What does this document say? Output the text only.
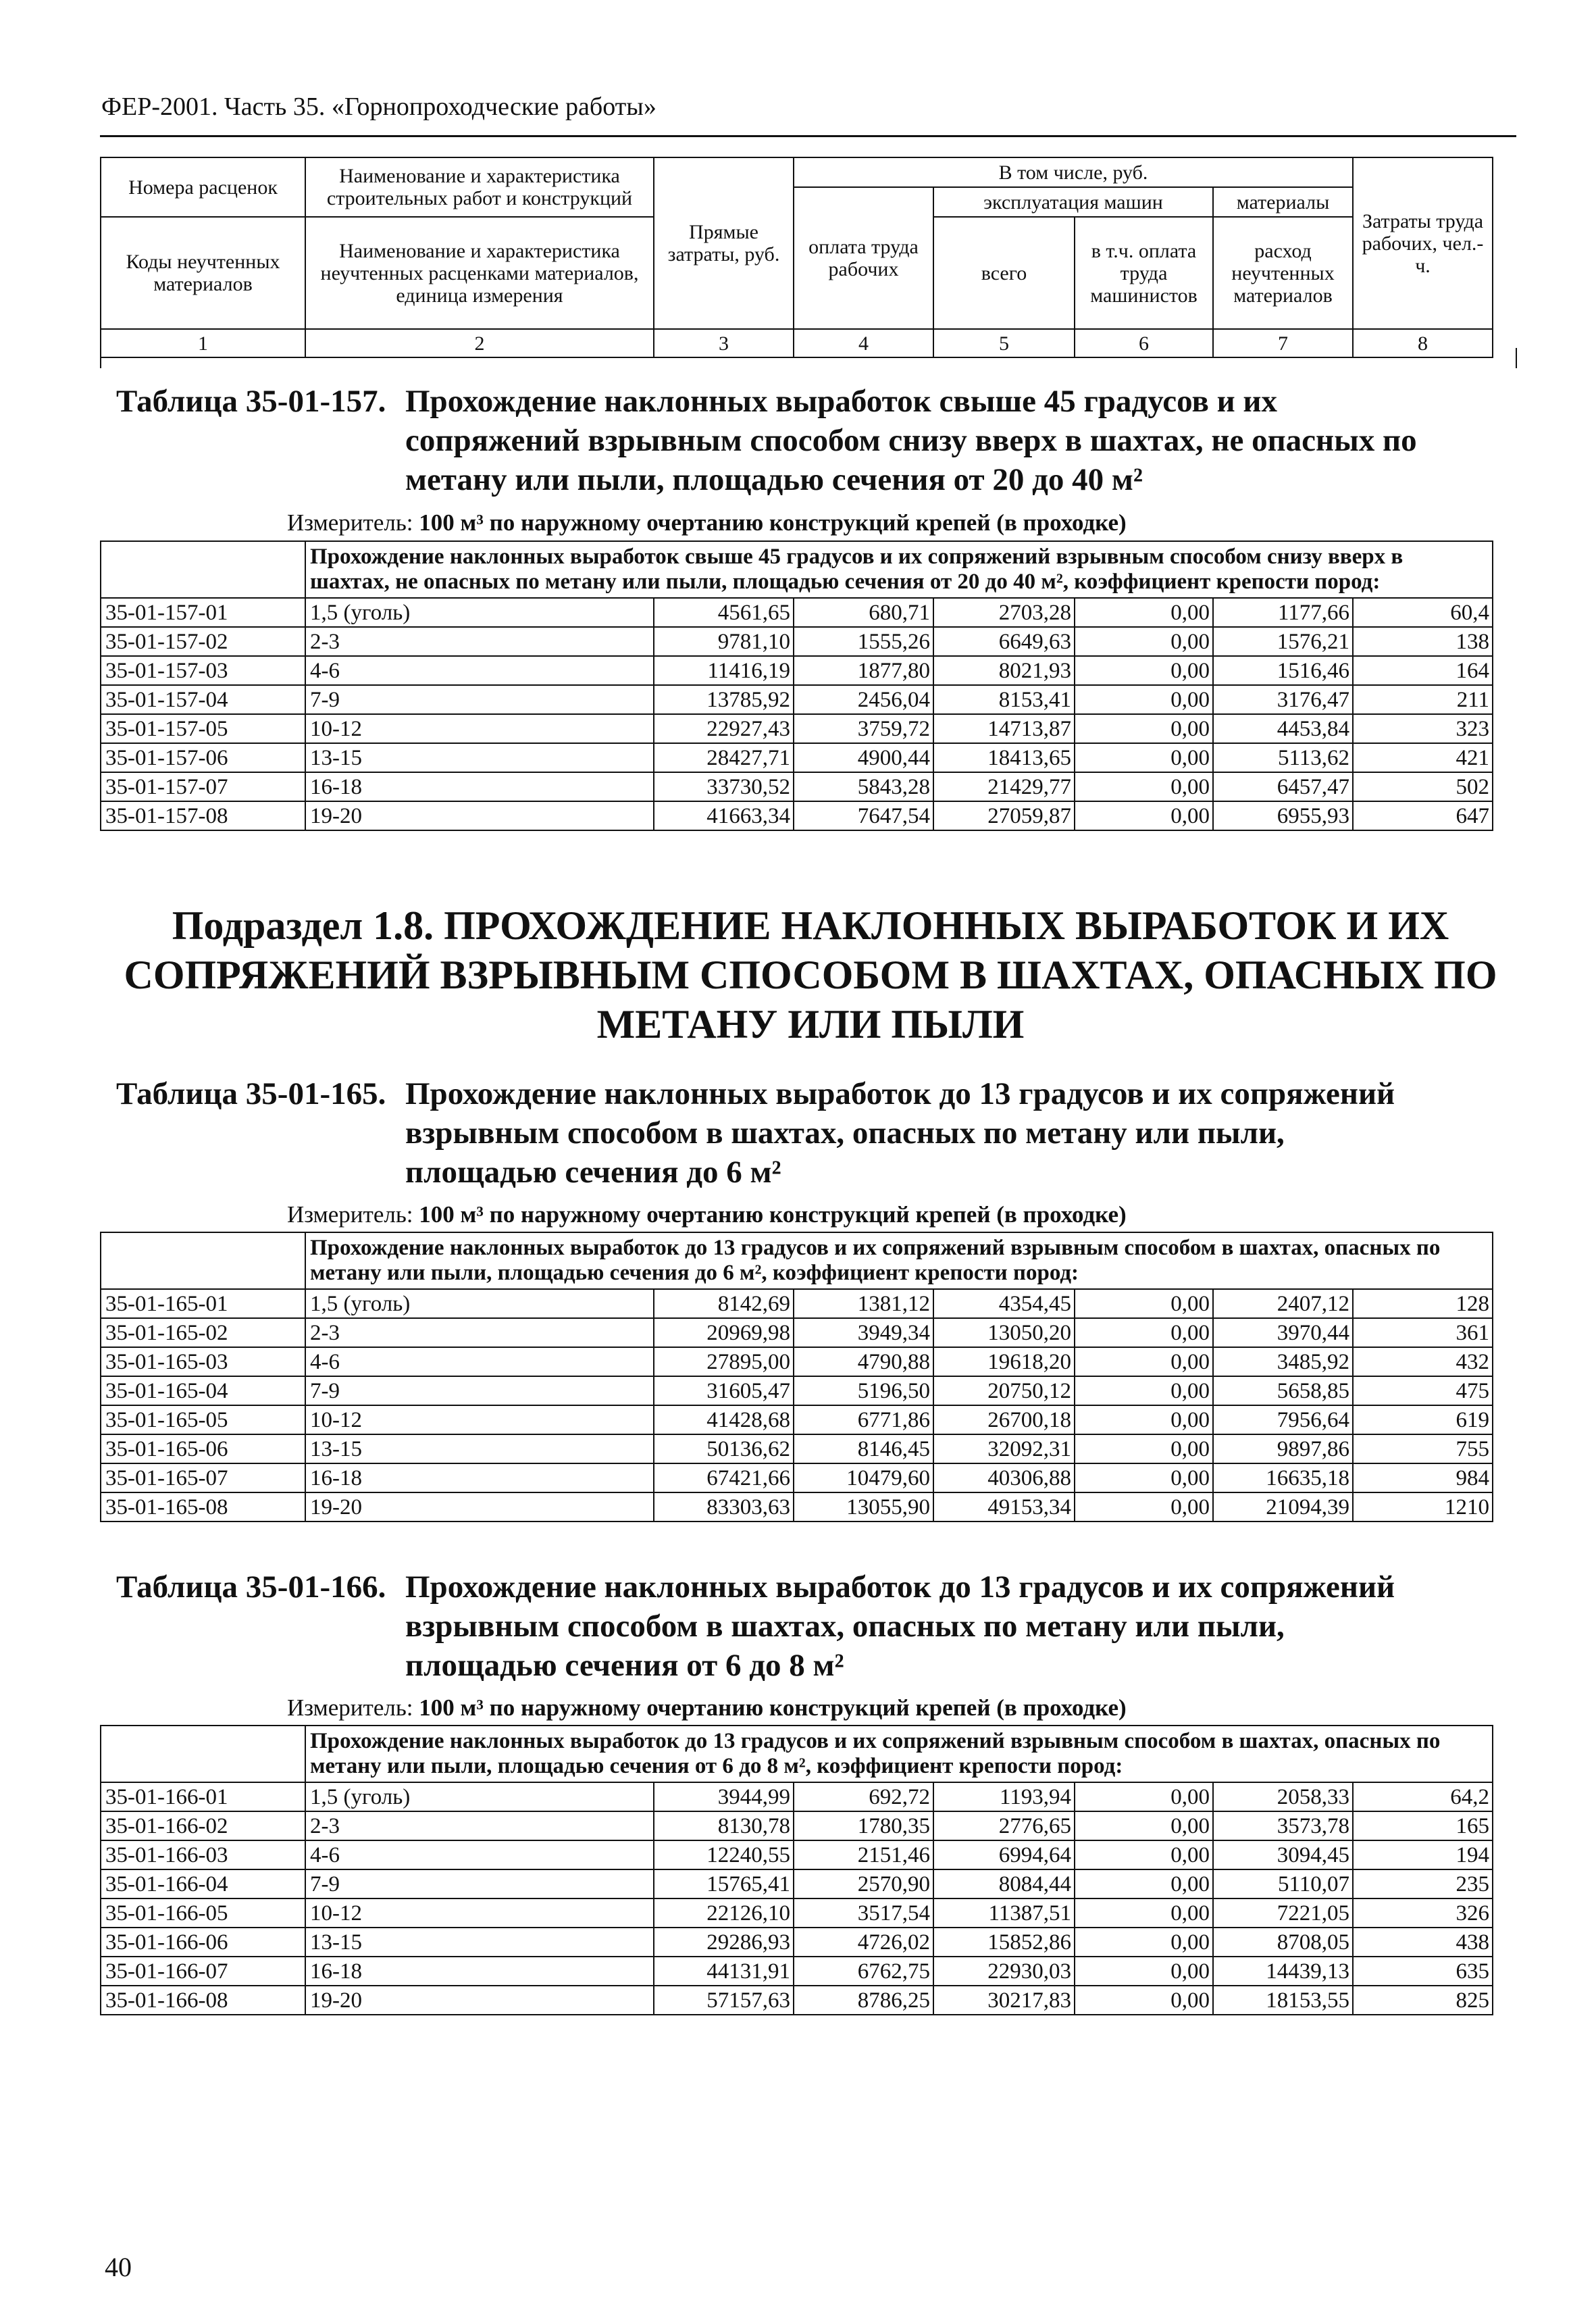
ФЕР-2001. Часть 35. «Горнопроходческие работы»
Номера расценок	Наименование и характеристика строительных работ и конструкций	Прямые затраты, руб.	В том числе, руб.				Затраты труда рабочих, чел.-ч.
			оплата труда рабочих	эксплуатация машин		материалы	
Коды неучтенных материалов	Наименование и характеристика неучтенных расценками материалов, единица измерения			всего	в т.ч. оплата труда машинистов	расход неучтенных материалов	
1	2	3	4	5	6	7	8
Таблица 35-01-157. Прохождение наклонных выработок свыше 45 градусов и их
сопряжений взрывным способом снизу вверх в шахтах, не опасных по
метану или пыли, площадью сечения от 20 до 40 м²
Измеритель: 100 м³ по наружному очертанию конструкций крепей (в проходке)
	Прохождение наклонных выработок свыше 45 градусов и их сопряжений взрывным способом снизу вверх в шахтах, не опасных по метану или пыли, площадью сечения от 20 до 40 м², коэффициент крепости пород:						
35-01-157-01	1,5 (уголь)	4561,65	680,71	2703,28	0,00	1177,66	60,4
35-01-157-02	2-3	9781,10	1555,26	6649,63	0,00	1576,21	138
35-01-157-03	4-6	11416,19	1877,80	8021,93	0,00	1516,46	164
35-01-157-04	7-9	13785,92	2456,04	8153,41	0,00	3176,47	211
35-01-157-05	10-12	22927,43	3759,72	14713,87	0,00	4453,84	323
35-01-157-06	13-15	28427,71	4900,44	18413,65	0,00	5113,62	421
35-01-157-07	16-18	33730,52	5843,28	21429,77	0,00	6457,47	502
35-01-157-08	19-20	41663,34	7647,54	27059,87	0,00	6955,93	647
Подраздел 1.8. ПРОХОЖДЕНИЕ НАКЛОННЫХ ВЫРАБОТОК И ИХ
СОПРЯЖЕНИЙ ВЗРЫВНЫМ СПОСОБОМ В ШАХТАХ, ОПАСНЫХ ПО
МЕТАНУ ИЛИ ПЫЛИ
Таблица 35-01-165. Прохождение наклонных выработок до 13 градусов и их сопряжений
взрывным способом в шахтах, опасных по метану или пыли,
площадью сечения до 6 м²
Измеритель: 100 м³ по наружному очертанию конструкций крепей (в проходке)
	Прохождение наклонных выработок до 13 градусов и их сопряжений взрывным способом в шахтах, опасных по метану или пыли, площадью сечения до 6 м², коэффициент крепости пород:						
35-01-165-01	1,5 (уголь)	8142,69	1381,12	4354,45	0,00	2407,12	128
35-01-165-02	2-3	20969,98	3949,34	13050,20	0,00	3970,44	361
35-01-165-03	4-6	27895,00	4790,88	19618,20	0,00	3485,92	432
35-01-165-04	7-9	31605,47	5196,50	20750,12	0,00	5658,85	475
35-01-165-05	10-12	41428,68	6771,86	26700,18	0,00	7956,64	619
35-01-165-06	13-15	50136,62	8146,45	32092,31	0,00	9897,86	755
35-01-165-07	16-18	67421,66	10479,60	40306,88	0,00	16635,18	984
35-01-165-08	19-20	83303,63	13055,90	49153,34	0,00	21094,39	1210
Таблица 35-01-166. Прохождение наклонных выработок до 13 градусов и их сопряжений
взрывным способом в шахтах, опасных по метану или пыли,
площадью сечения от 6 до 8 м²
Измеритель: 100 м³ по наружному очертанию конструкций крепей (в проходке)
	Прохождение наклонных выработок до 13 градусов и их сопряжений взрывным способом в шахтах, опасных по метану или пыли, площадью сечения от 6 до 8 м², коэффициент крепости пород:						
35-01-166-01	1,5 (уголь)	3944,99	692,72	1193,94	0,00	2058,33	64,2
35-01-166-02	2-3	8130,78	1780,35	2776,65	0,00	3573,78	165
35-01-166-03	4-6	12240,55	2151,46	6994,64	0,00	3094,45	194
35-01-166-04	7-9	15765,41	2570,90	8084,44	0,00	5110,07	235
35-01-166-05	10-12	22126,10	3517,54	11387,51	0,00	7221,05	326
35-01-166-06	13-15	29286,93	4726,02	15852,86	0,00	8708,05	438
35-01-166-07	16-18	44131,91	6762,75	22930,03	0,00	14439,13	635
35-01-166-08	19-20	57157,63	8786,25	30217,83	0,00	18153,55	825
40
